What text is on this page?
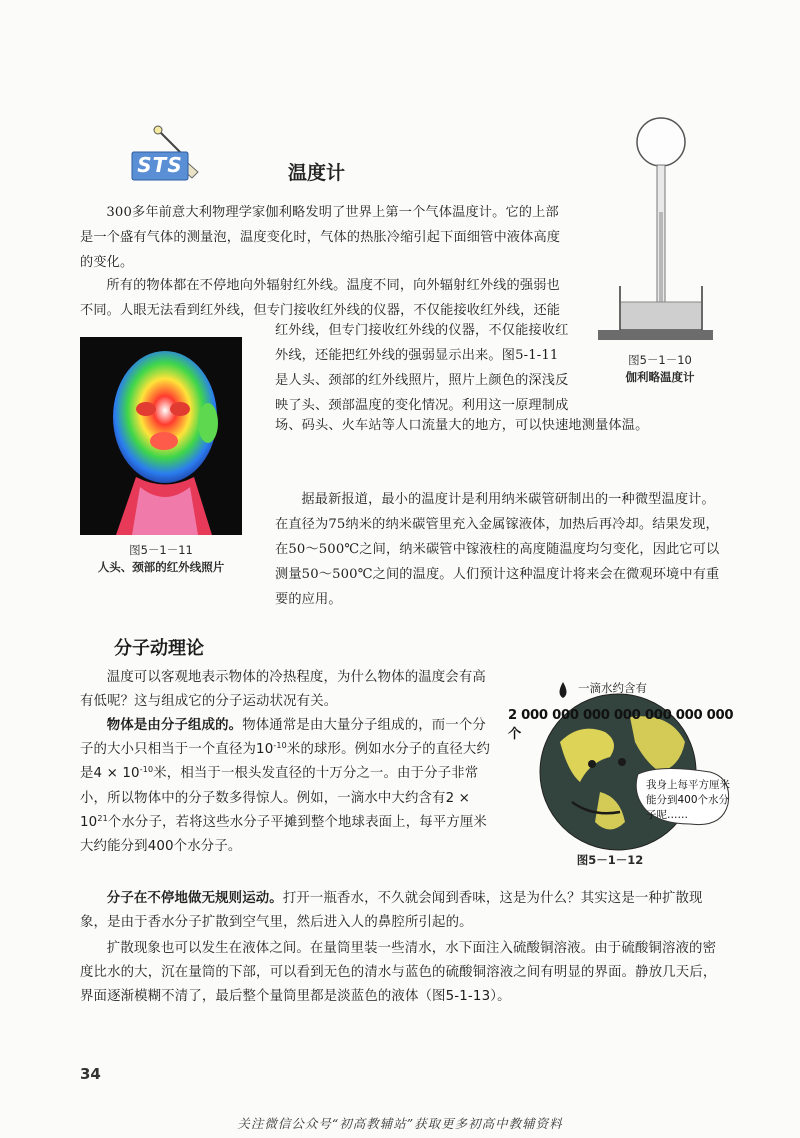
STS	温度计

300多年前意大利物理学家伽利略发明了世界上第一个气体温度计。它的上部是一个盛有气体的测量泡，温度变化时，气体的热胀冷缩引起下面细管中液体高度的变化。

所有的物体都在不停地向外辐射红外线。温度不同，向外辐射红外线的强弱也不同。人眼无法看到红外线，但专门接收红外线的仪器，不仅能接收红外线，还能

红外线，但专门接收红外线的仪器，不仅能接收红外线，还能把红外线的强弱显示出来。图5-1-11是人头、颈部的红外线照片，照片上颜色的深浅反映了头、颈部温度的变化情况。利用这一原理制成
图5－1－10
伽利略温度计
图5－1－11
人头、颈部的红外线照片
场、码头、火车站等人口流量大的地方，可以快速地测量体温。

据最新报道，最小的温度计是利用纳米碳管研制出的一种微型温度计。在直径为75纳米的纳米碳管里充入金属镓液体，加热后再冷却。结果发现，在50～500℃之间，纳米碳管中镓液柱的高度随温度均匀变化，因此它可以测量50～500℃之间的温度。人们预计这种温度计将来会在微观环境中有重要的应用。

分子动理论

温度可以客观地表示物体的冷热程度，为什么物体的温度会有高有低呢？这与组成它的分子运动状况有关。

物体是由分子组成的。物体通常是由大量分子组成的，而一个分子的大小只相当于一个直径为$10^{-10}$米的球形。例如水分子的直径大约是$4 \times 10^{-10}$米，相当于一根头发直径的十万分之一。由于分子非常小，所以物体中的分子数多得惊人。例如，一滴水中大约含有$2 \times 10^{21}$个水分子，若将这些水分子平摊到整个地球表面上，每平方厘米大约能分到400个水分子。

一滴水约含有
2 000 000 000 000 000 000 000 个
我身上每平方厘米能分到400个水分子呢……
图5－1－12

分子在不停地做无规则运动。打开一瓶香水，不久就会闻到香味，这是为什么？其实这是一种扩散现象，是由于香水分子扩散到空气里，然后进入人的鼻腔所引起的。

扩散现象也可以发生在液体之间。在量筒里装一些清水，水下面注入硫酸铜溶液。由于硫酸铜溶液的密度比水的大，沉在量筒的下部，可以看到无色的清水与蓝色的硫酸铜溶液之间有明显的界面。静放几天后，界面逐渐模糊不清了，最后整个量筒里都是淡蓝色的液体（图5-1-13）。

34
关注微信公众号“初高教辅站”获取更多初高中教辅资料
